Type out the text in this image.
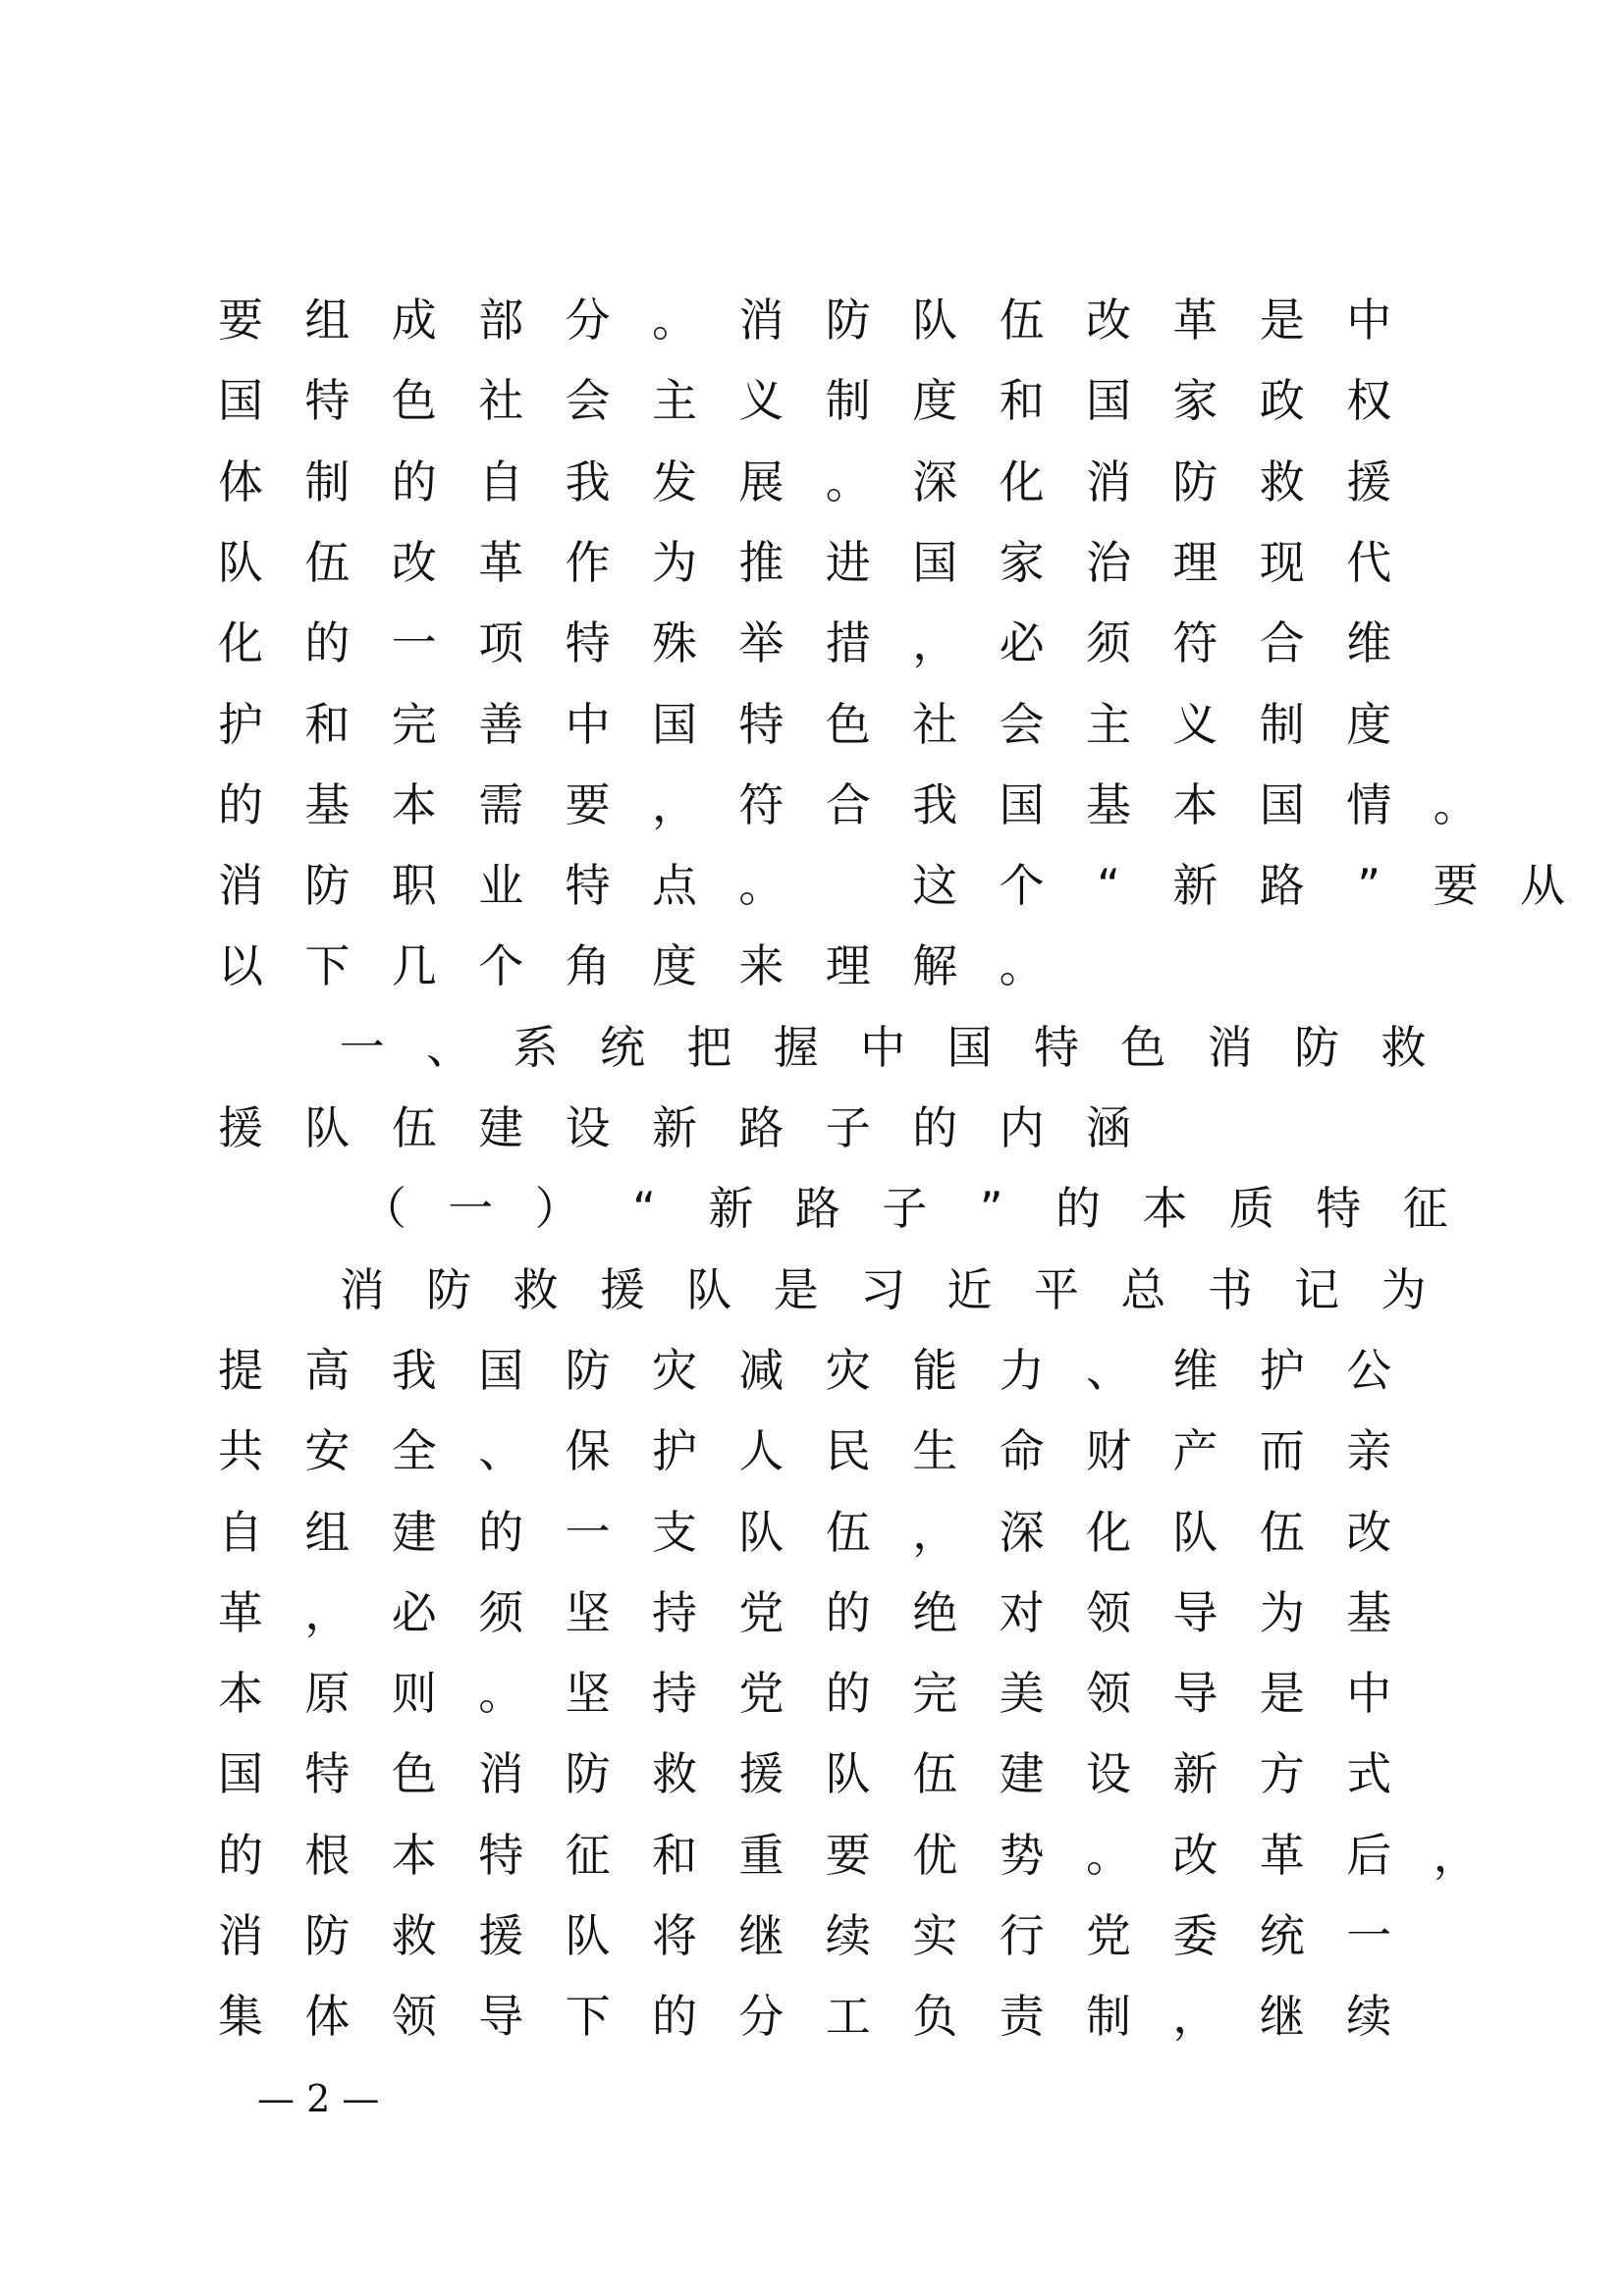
要 组 成 部 分 。 消 防 队 伍 改 革 是 中
国 特 色 社 会 主 义 制 度 和 国 家 政 权
体 制 的 自 我 发 展 。 深 化 消 防 救 援
队 伍 改 革 作 为 推 进 国 家 治 理 现 代
化 的 一 项 特 殊 举 措 ， 必 须 符 合 维
护 和 完 善 中 国 特 色 社 会 主 义 制 度
的 基 本 需 要 ， 符 合 我 国 基 本 国 情 。
消 防 职 业 特 点 。
　	这 个	“	新 路	”	要 从
以 下 几 个 角 度 来 理 解 。
一 、 系 统 把 握 中 国 特 色 消 防 救
援 队 伍 建 设 新 路 子 的 内 涵
（ 一 ）	“	新 路 子	”	的 本 质 特 征
消 防 救 援 队 是 习 近 平 总 书 记 为
提 高 我 国 防 灾 减 灾 能 力 、 维 护 公
共 安 全 、 保 护 人 民 生 命 财 产 而 亲
自 组 建 的 一 支 队 伍 ， 深 化 队 伍 改
革 ， 必 须 坚 持 党 的 绝 对 领 导 为 基
本 原 则 。 坚 持 党 的 完 美 领 导 是 中
国 特 色 消 防 救 援 队 伍 建 设 新 方 式
的 根 本 特 征 和 重 要 优 势 。 改 革 后 ，
消 防 救 援 队 将 继 续 实 行 党 委 统 一
集 体 领 导 下 的 分 工 负 责 制 ， 继 续
— 2 —
